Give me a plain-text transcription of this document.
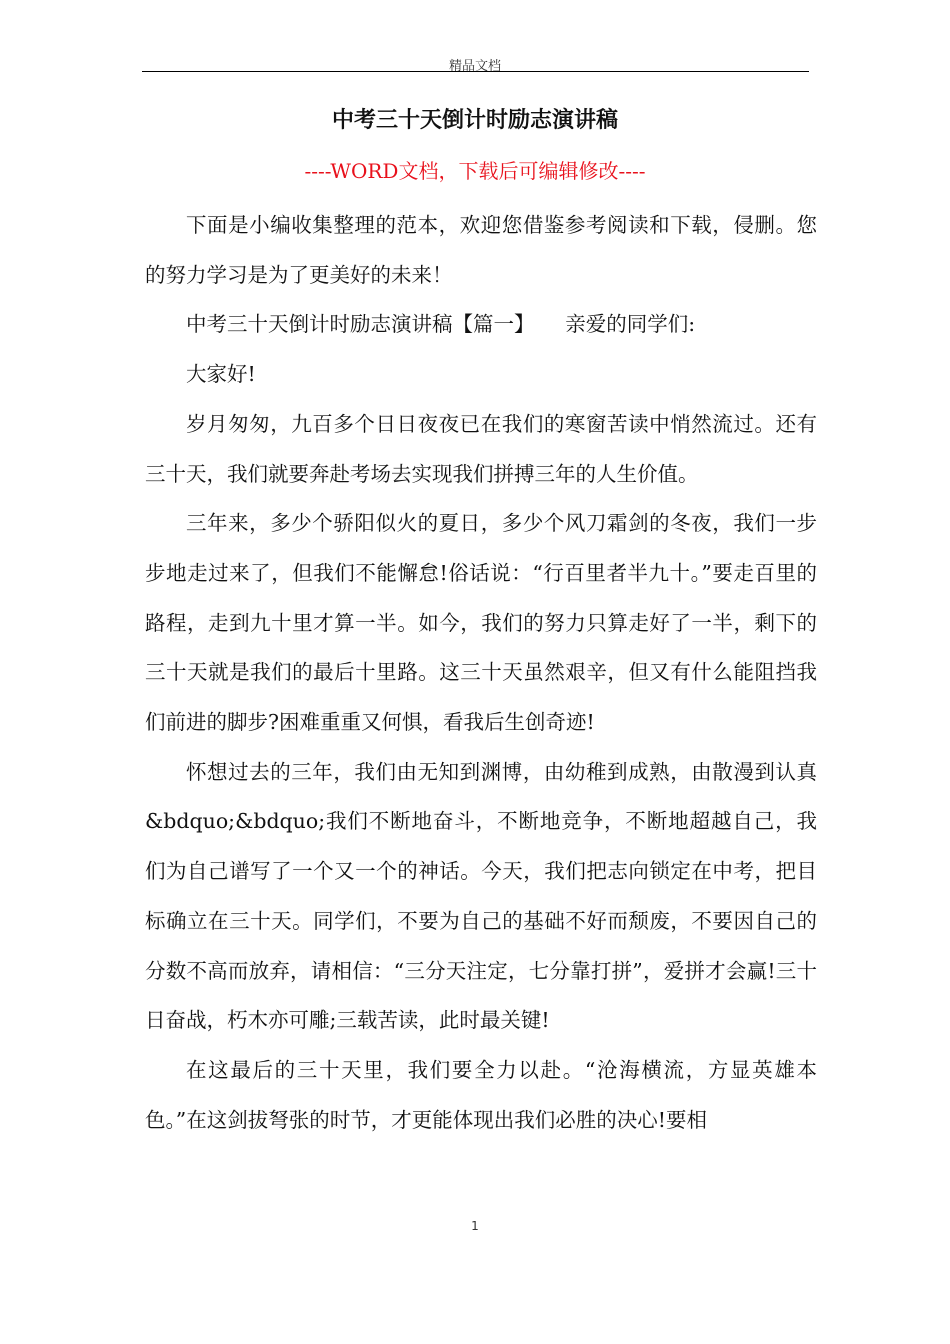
精品文档
中考三十天倒计时励志演讲稿
----WORD文档，下载后可编辑修改----

下面是小编收集整理的范本，欢迎您借鉴参考阅读和下载，侵删。您的努力学习是为了更美好的未来！

中考三十天倒计时励志演讲稿【篇一】　　亲爱的同学们:

大家好!

岁月匆匆，九百多个日日夜夜已在我们的寒窗苦读中悄然流过。还有三十天，我们就要奔赴考场去实现我们拼搏三年的人生价值。

三年来，多少个骄阳似火的夏日，多少个风刀霜剑的冬夜，我们一步步地走过来了，但我们不能懈怠!俗话说：“行百里者半九十。”要走百里的路程，走到九十里才算一半。如今，我们的努力只算走好了一半，剩下的三十天就是我们的最后十里路。这三十天虽然艰辛，但又有什么能阻挡我们前进的脚步?困难重重又何惧，看我后生创奇迹!

怀想过去的三年，我们由无知到渊博，由幼稚到成熟，由散漫到认真&bdquo;&bdquo;我们不断地奋斗，不断地竞争，不断地超越自己，我们为自己谱写了一个又一个的神话。今天，我们把志向锁定在中考，把目标确立在三十天。同学们，不要为自己的基础不好而颓废，不要因自己的分数不高而放弃，请相信：“三分天注定，七分靠打拼”，爱拼才会赢!三十日奋战，朽木亦可雕;三载苦读，此时最关键!

在这最后的三十天里，我们要全力以赴。“沧海横流，方显英雄本色。”在这剑拔弩张的时节，才更能体现出我们必胜的决心!要相

1
